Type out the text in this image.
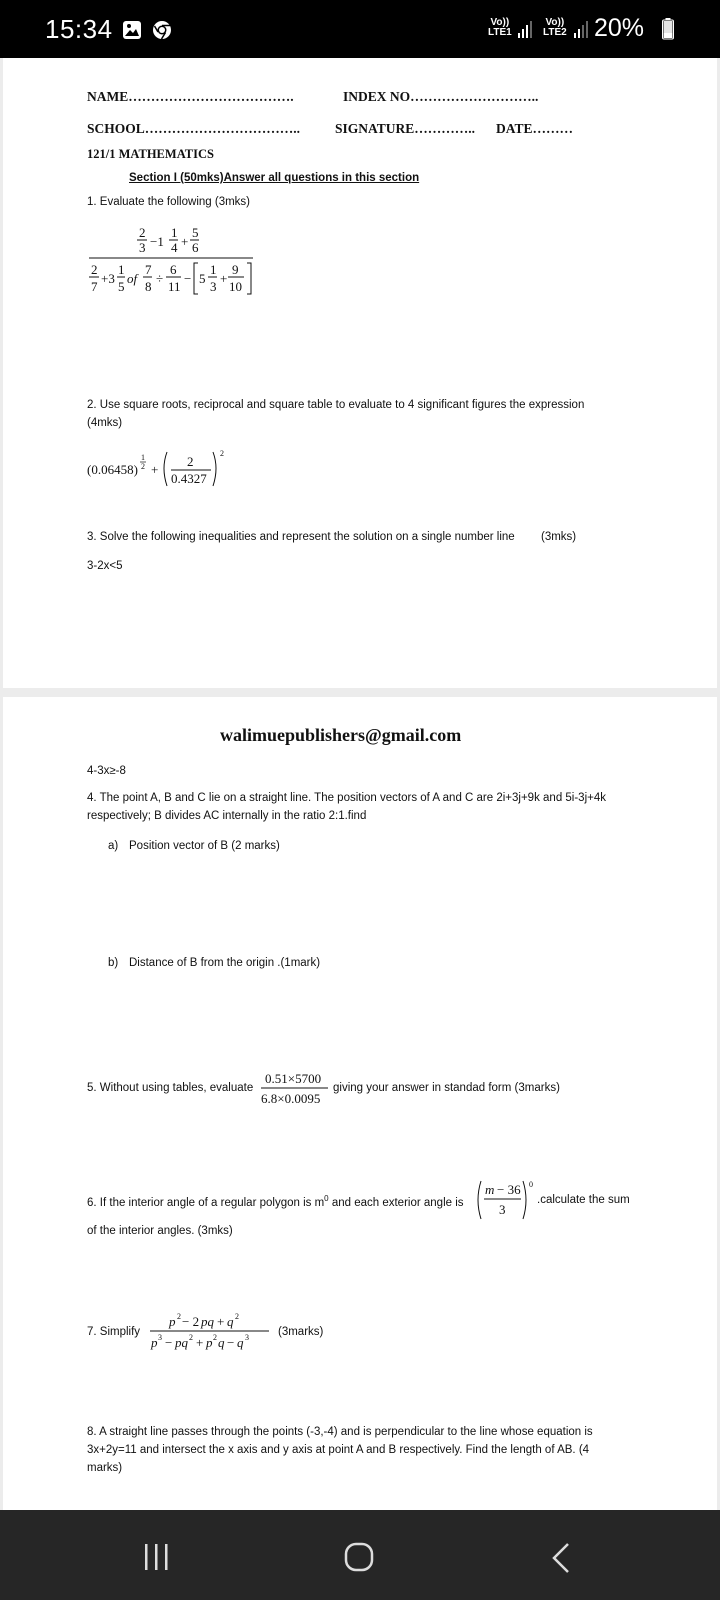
15:34	Vo))
LTE1
Vo))
LTE2 20%
NAME……………………………….	INDEX NO………………………..
SCHOOL……………………………..	SIGNATURE………….. DATE………
121/1 MATHEMATICS
Section I (50mks)Answer all questions in this section
1. Evaluate the following (3mks)
2
3 −1
1
4 +
5
6
2
7
+3
1
5
of
7
8
÷
6
11
− 5
1
3
+
9
10
2. Use square roots, reciprocal and square table to evaluate to 4 significant figures the expression
(4mks)
(0.06458)
1
2 +
2
0.4327
2
3. Solve the following inequalities and represent the solution on a single number line (3mks)
3-2x<5
walimuepublishers@gmail.com
4-3x≥-8
4. The point A, B and C lie on a straight line. The position vectors of A and C are 2i+3j+9k and 5i-3j+4k
respectively; B divides AC internally in the ratio 2:1.find
a) Position vector of B (2 marks)
b) Distance of B from the origin .(1mark)
5. Without using tables, evaluate
0.51×5700
6.8×0.0095
giving your answer in standad form (3marks)
6. If the interior angle of a regular polygon is $m^0$ and each exterior angle is
m − 36
3
0
.calculate the sum
of the interior angles. (3mks)
7. Simplify
p 2 − 2 pq + q 2
p 3 − pq 2 + p 2 q − q 3	(3marks)
8. A straight line passes through the points (-3,-4) and is perpendicular to the line whose equation is
3x+2y=11 and intersect the x axis and y axis at point A and B respectively. Find the length of AB. (4
marks)
